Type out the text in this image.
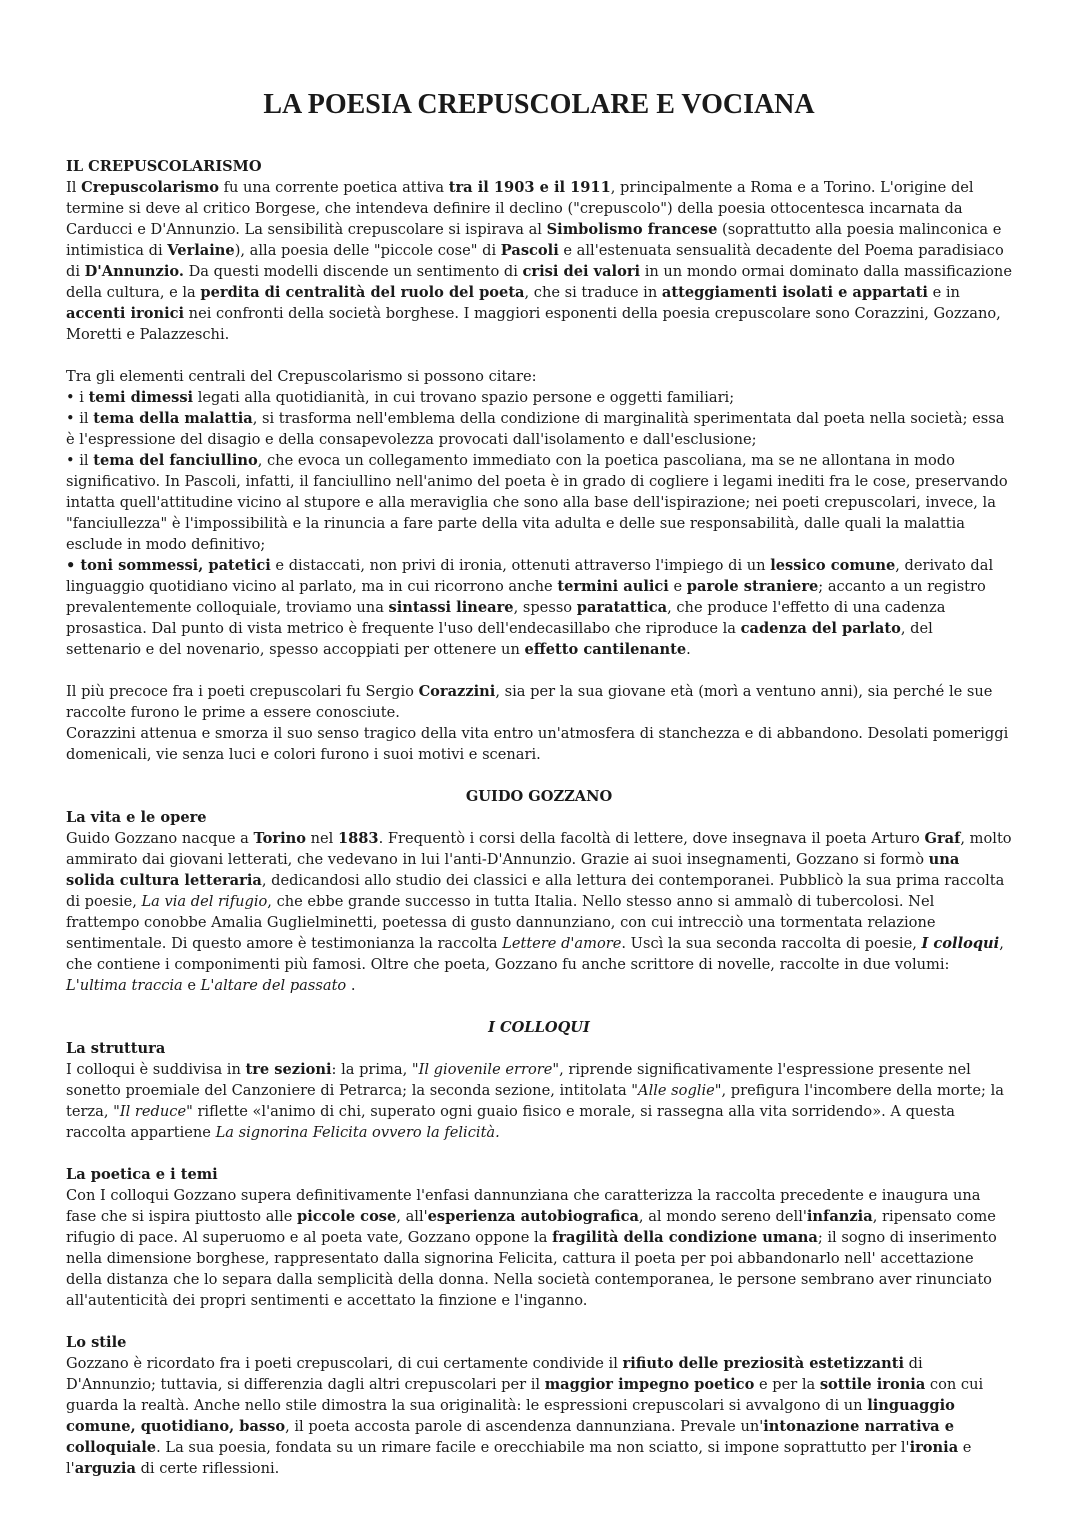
LA POESIA CREPUSCOLARE E VOCIANA

IL CREPUSCOLARISMO

Il Crepuscolarismo fu una corrente poetica attiva tra il 1903 e il 1911, principalmente a Roma e a Torino. L'origine del termine si deve al critico Borgese, che intendeva definire il declino ("crepuscolo") della poesia ottocentesca incarnata da Carducci e D'Annunzio. La sensibilità crepuscolare si ispirava al Simbolismo francese (soprattutto alla poesia malinconica e intimistica di Verlaine), alla poesia delle "piccole cose" di Pascoli e all'estenuata sensualità decadente del Poema paradisiaco di D'Annunzio. Da questi modelli discende un sentimento di crisi dei valori in un mondo ormai dominato dalla massificazione della cultura, e la perdita di centralità del ruolo del poeta, che si traduce in atteggiamenti isolati e appartati e in accenti ironici nei confronti della società borghese. I maggiori esponenti della poesia crepuscolare sono Corazzini, Gozzano, Moretti e Palazzeschi.

Tra gli elementi centrali del Crepuscolarismo si possono citare:

• i temi dimessi legati alla quotidianità, in cui trovano spazio persone e oggetti familiari;

• il tema della malattia, si trasforma nell'emblema della condizione di marginalità sperimentata dal poeta nella società; essa è l'espressione del disagio e della consapevolezza provocati dall'isolamento e dall'esclusione;

• il tema del fanciullino, che evoca un collegamento immediato con la poetica pascoliana, ma se ne allontana in modo significativo. In Pascoli, infatti, il fanciullino nell'animo del poeta è in grado di cogliere i legami inediti fra le cose, preservando intatta quell'attitudine vicino al stupore e alla meraviglia che sono alla base dell'ispirazione; nei poeti crepuscolari, invece, la "fanciullezza" è l'impossibilità e la rinuncia a fare parte della vita adulta e delle sue responsabilità, dalle quali la malattia esclude in modo definitivo;

• toni sommessi, patetici e distaccati, non privi di ironia, ottenuti attraverso l'impiego di un lessico comune, derivato dal linguaggio quotidiano vicino al parlato, ma in cui ricorrono anche termini aulici e parole straniere; accanto a un registro prevalentemente colloquiale, troviamo una sintassi lineare, spesso paratattica, che produce l'effetto di una cadenza prosastica. Dal punto di vista metrico è frequente l'uso dell'endecasillabo che riproduce la cadenza del parlato, del settenario e del novenario, spesso accoppiati per ottenere un effetto cantilenante.

Il più precoce fra i poeti crepuscolari fu Sergio Corazzini, sia per la sua giovane età (morì a ventuno anni), sia perché le sue raccolte furono le prime a essere conosciute.

Corazzini attenua e smorza il suo senso tragico della vita entro un'atmosfera di stanchezza e di abbandono. Desolati pomeriggi domenicali, vie senza luci e colori furono i suoi motivi e scenari.

GUIDO GOZZANO

La vita e le opere

Guido Gozzano nacque a Torino nel 1883. Frequentò i corsi della facoltà di lettere, dove insegnava il poeta Arturo Graf, molto ammirato dai giovani letterati, che vedevano in lui l'anti-D'Annunzio. Grazie ai suoi insegnamenti, Gozzano si formò una solida cultura letteraria, dedicandosi allo studio dei classici e alla lettura dei contemporanei. Pubblicò la sua prima raccolta di poesie, La via del rifugio, che ebbe grande successo in tutta Italia. Nello stesso anno si ammalò di tubercolosi. Nel frattempo conobbe Amalia Guglielminetti, poetessa di gusto dannunziano, con cui intrecciò una tormentata relazione sentimentale. Di questo amore è testimonianza la raccolta Lettere d'amore. Uscì la sua seconda raccolta di poesie, I colloqui, che contiene i componimenti più famosi. Oltre che poeta, Gozzano fu anche scrittore di novelle, raccolte in due volumi: L'ultima traccia e L'altare del passato .

I COLLOQUI

La struttura

I colloqui è suddivisa in tre sezioni: la prima, "Il giovenile errore", riprende significativamente l'espressione presente nel sonetto proemiale del Canzoniere di Petrarca; la seconda sezione, intitolata "Alle soglie", prefigura l'incombere della morte; la terza, "Il reduce" riflette «l'animo di chi, superato ogni guaio fisico e morale, si rassegna alla vita sorridendo». A questa raccolta appartiene La signorina Felicita ovvero la felicità.

La poetica e i temi

Con I colloqui Gozzano supera definitivamente l'enfasi dannunziana che caratterizza la raccolta precedente e inaugura una fase che si ispira piuttosto alle piccole cose, all'esperienza autobiografica, al mondo sereno dell'infanzia, ripensato come rifugio di pace. Al superuomo e al poeta vate, Gozzano oppone la fragilità della condizione umana; il sogno di inserimento nella dimensione borghese, rappresentato dalla signorina Felicita, cattura il poeta per poi abbandonarlo nell' accettazione della distanza che lo separa dalla semplicità della donna. Nella società contemporanea, le persone sembrano aver rinunciato all'autenticità dei propri sentimenti e accettato la finzione e l'inganno.

Lo stile

Gozzano è ricordato fra i poeti crepuscolari, di cui certamente condivide il rifiuto delle preziosità estetizzanti di D'Annunzio; tuttavia, si differenzia dagli altri crepuscolari per il maggior impegno poetico e per la sottile ironia con cui guarda la realtà. Anche nello stile dimostra la sua originalità: le espressioni crepuscolari si avvalgono di un linguaggio comune, quotidiano, basso, il poeta accosta parole di ascendenza dannunziana. Prevale un'intonazione narrativa e colloquiale. La sua poesia, fondata su un rimare facile e orecchiabile ma non sciatto, si impone soprattutto per l'ironia e l'arguzia di certe riflessioni.
